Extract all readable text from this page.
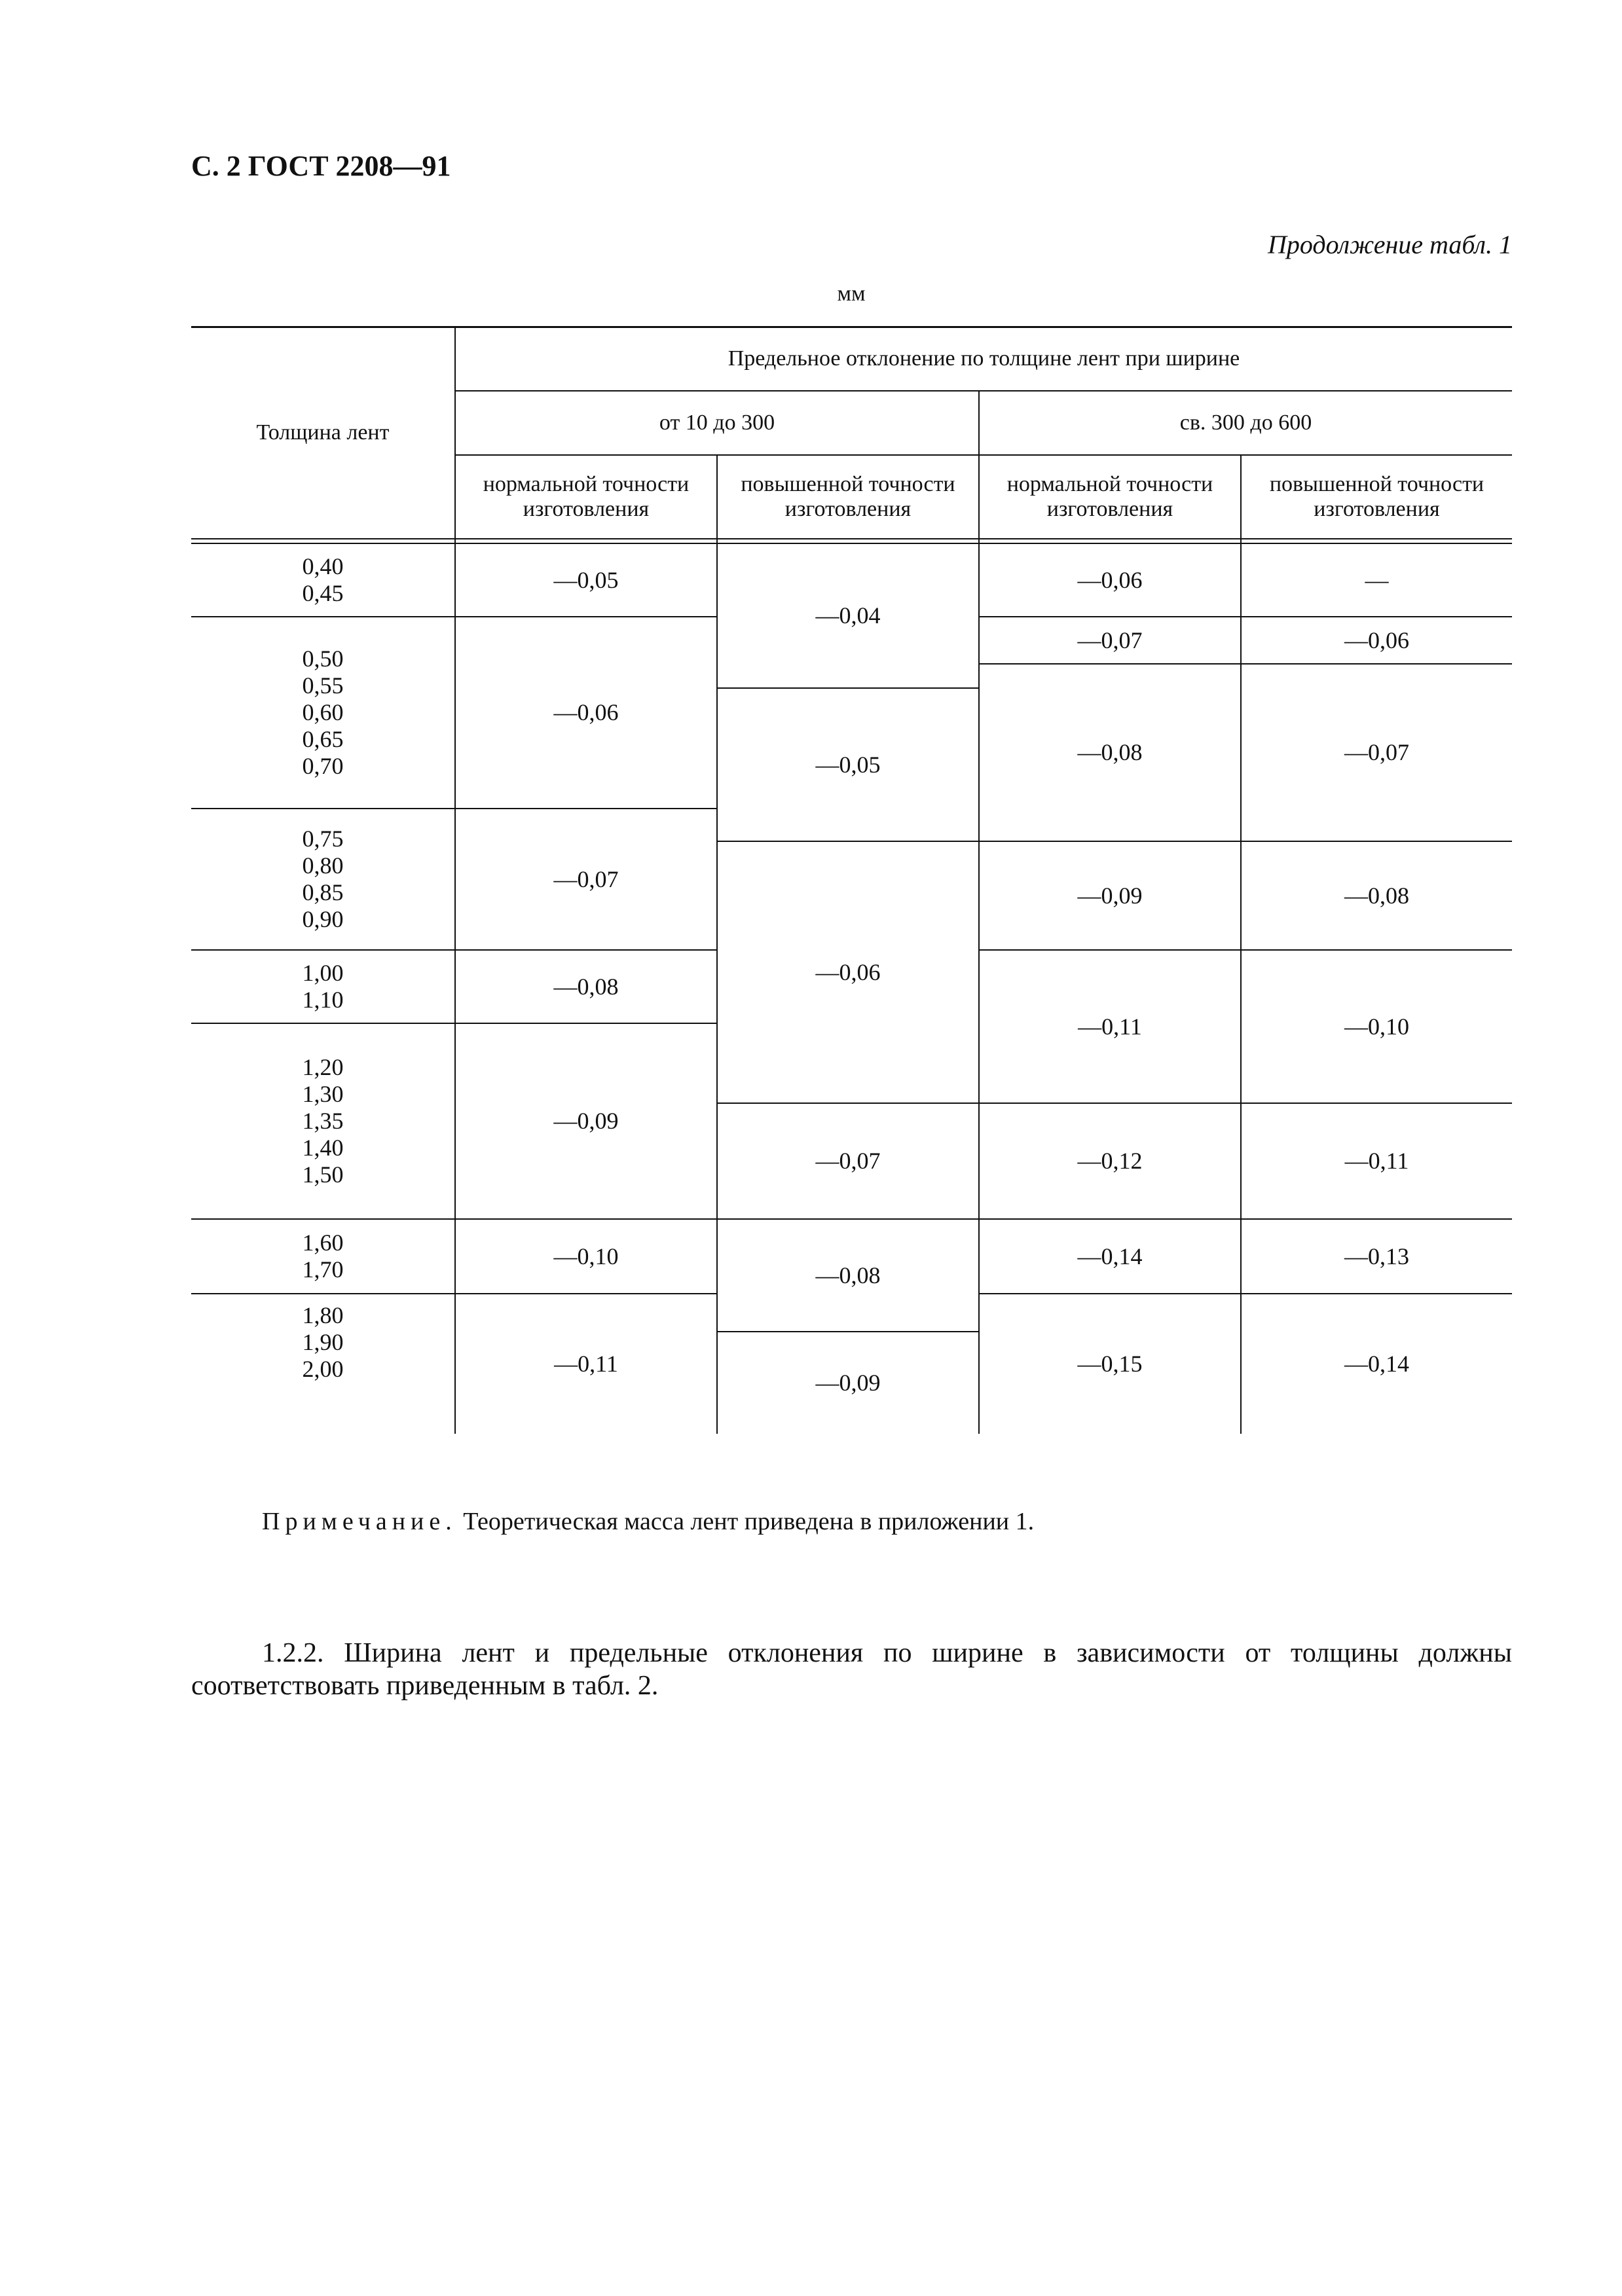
С. 2 ГОСТ 2208—91
Продолжение табл. 1
мм
Толщина лент
Предельное отклонение по толщине лент при ширине
от 10 до 300	св. 300 до 600
нормальной точности
изготовления
повышенной точности
изготовления
нормальной точности
изготовления
повышенной точности
изготовления
0,40
0,45
0,50
0,55
0,60
0,65
0,70
0,75
0,80
0,85
0,90
1,00
1,10
1,20
1,30
1,35
1,40
1,50
1,60
1,70
1,80
1,90
2,00
—0,05
—0,06
—0,07
—0,08
—0,09
—0,10
—0,11
—0,04
—0,05
—0,06
—0,07
—0,08
—0,09
—0,06
—0,07
—0,08
—0,09
—0,11
—0,12
—0,14
—0,15
—
—0,06
—0,07
—0,08
—0,10
—0,11
—0,13
—0,14
Примечание. Теоретическая масса лент приведена в приложении 1.
1.2.2. Ширина лент и предельные отклонения по ширине в зависимости от толщины должны соответствовать приведенным в табл. 2.
